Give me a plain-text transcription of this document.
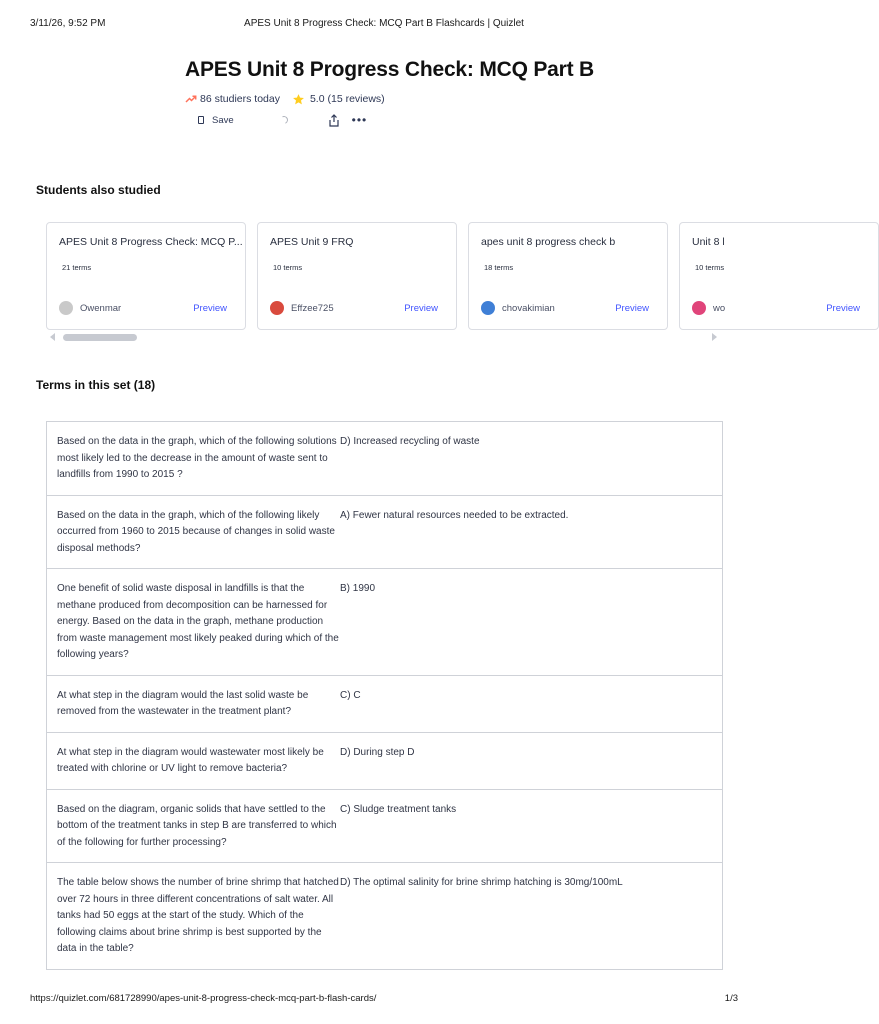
3/11/26, 9:52 PM	APES Unit 8 Progress Check: MCQ Part B Flashcards | Quizlet
APES Unit 8 Progress Check: MCQ Part B
86 studiers today	5.0 (15 reviews)
Save	•••
Students also studied
APES Unit 8 Progress Check: MCQ P...
21 terms
Owenmar	Preview
APES Unit 9 FRQ
10 terms
Effzee725	Preview
apes unit 8 progress check b
18 terms
chovakimian	Preview
Unit 8 l
10 terms
wo	Preview
Terms in this set (18)
Based on the data in the graph, which of the following solutions most likely led to the decrease in the amount of waste sent to landfills from 1990 to 2015 ?
D) Increased recycling of waste
Based on the data in the graph, which of the following likely occurred from 1960 to 2015 because of changes in solid waste disposal methods?
A) Fewer natural resources needed to be extracted.
One benefit of solid waste disposal in landfills is that the methane produced from decomposition can be harnessed for energy. Based on the data in the graph, methane production from waste management most likely peaked during which of the following years?
B) 1990
At what step in the diagram would the last solid waste be removed from the wastewater in the treatment plant?
C) C
At what step in the diagram would wastewater most likely be treated with chlorine or UV light to remove bacteria?
D) During step D
Based on the diagram, organic solids that have settled to the bottom of the treatment tanks in step B are transferred to which of the following for further processing?
C) Sludge treatment tanks
The table below shows the number of brine shrimp that hatched over 72 hours in three different concentrations of salt water. All tanks had 50 eggs at the start of the study. Which of the following claims about brine shrimp is best supported by the data in the table?
D) The optimal salinity for brine shrimp hatching is 30mg/100mL
https://quizlet.com/681728990/apes-unit-8-progress-check-mcq-part-b-flash-cards/	1/3
